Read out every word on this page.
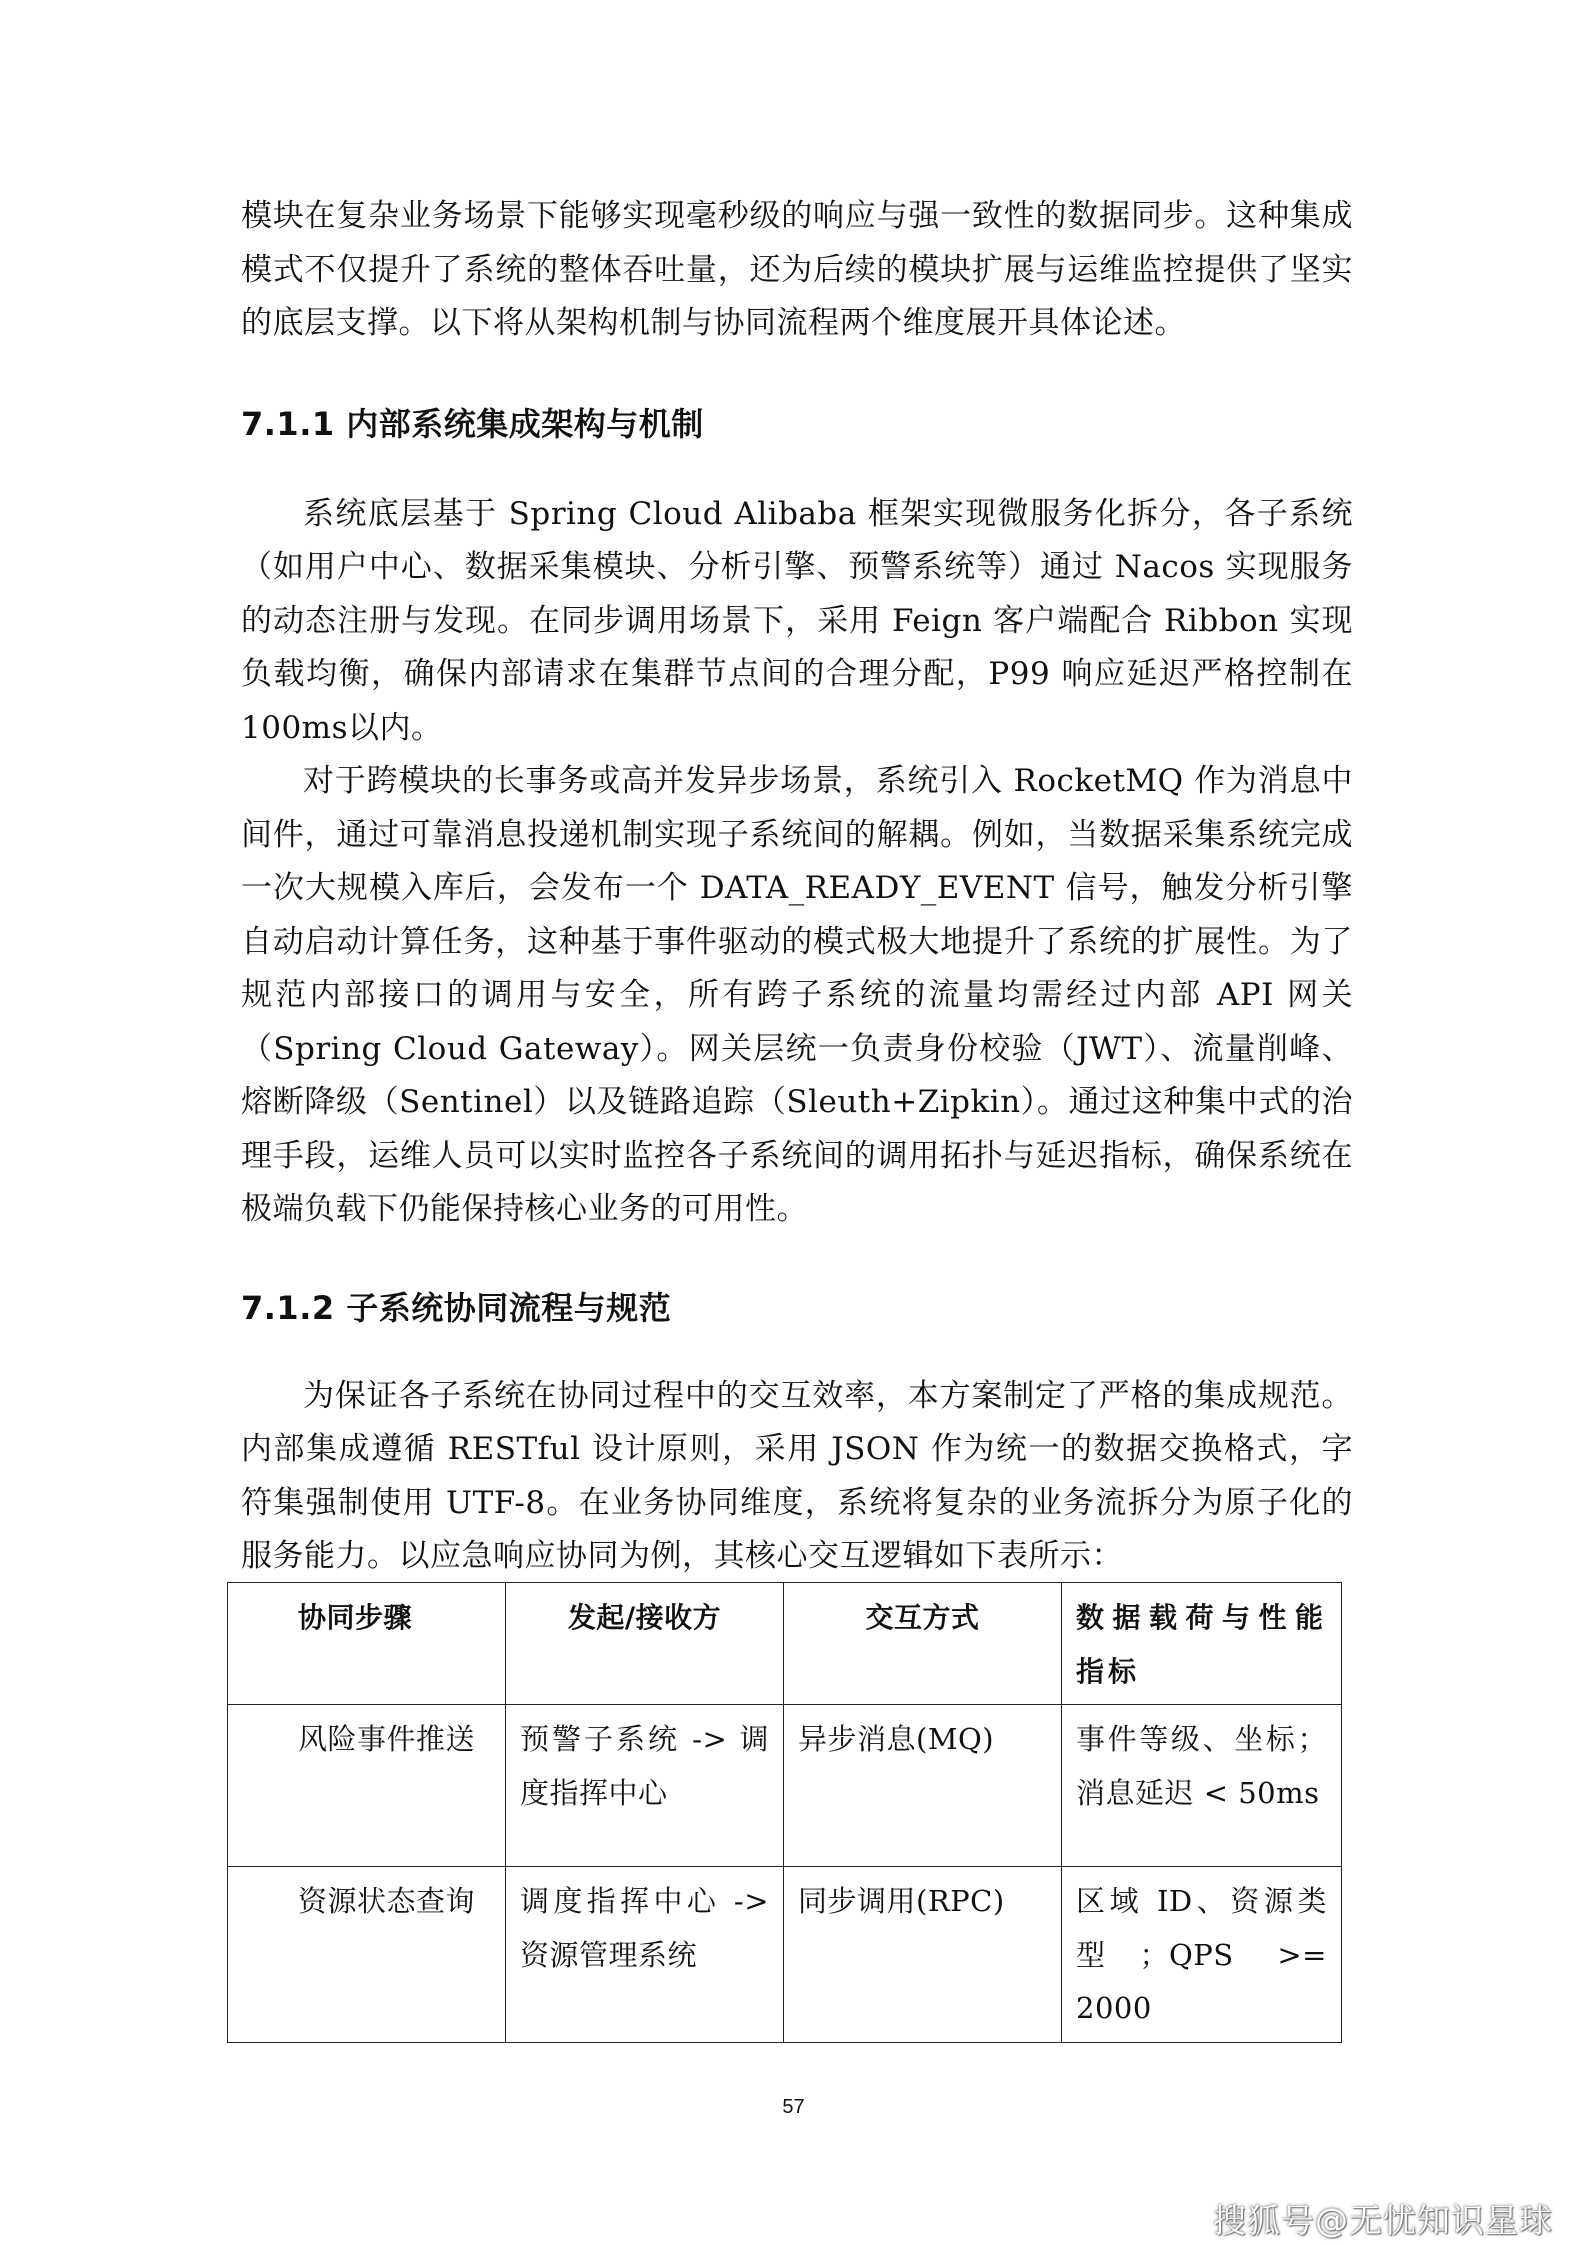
模块在复杂业务场景下能够实现毫秒级的响应与强一致性的数据同步。这种集成模式不仅提升了系统的整体吞吐量，还为后续的模块扩展与运维监控提供了坚实的底层支撑。以下将从架构机制与协同流程两个维度展开具体论述。

7.1.1 内部系统集成架构与机制

系统底层基于 Spring Cloud Alibaba 框架实现微服务化拆分，各子系统（如用户中心、数据采集模块、分析引擎、预警系统等）通过 Nacos 实现服务的动态注册与发现。在同步调用场景下，采用 Feign 客户端配合 Ribbon 实现负载均衡，确保内部请求在集群节点间的合理分配，P99 响应延迟严格控制在 100ms以内。

对于跨模块的长事务或高并发异步场景，系统引入 RocketMQ 作为消息中间件，通过可靠消息投递机制实现子系统间的解耦。例如，当数据采集系统完成一次大规模入库后，会发布一个 DATA_READY_EVENT 信号，触发分析引擎自动启动计算任务，这种基于事件驱动的模式极大地提升了系统的扩展性。为了规范内部接口的调用与安全，所有跨子系统的流量均需经过内部 API 网关（Spring Cloud Gateway）。网关层统一负责身份校验（JWT）、流量削峰、熔断降级（Sentinel）以及链路追踪（Sleuth+Zipkin）。通过这种集中式的治理手段，运维人员可以实时监控各子系统间的调用拓扑与延迟指标，确保系统在极端负载下仍能保持核心业务的可用性。

7.1.2 子系统协同流程与规范

为保证各子系统在协同过程中的交互效率，本方案制定了严格的集成规范。内部集成遵循 RESTful 设计原则，采用 JSON 作为统一的数据交换格式，字符集强制使用 UTF-8。在业务协同维度，系统将复杂的业务流拆分为原子化的服务能力。以应急响应协同为例，其核心交互逻辑如下表所示：

协同步骤	发起/接收方	交互方式	数据载荷与性能指标
风险事件推送	预警子系统 -> 调度指挥中心	异步消息(MQ)	事件等级、坐标；消息延迟 < 50ms
资源状态查询	调度指挥中心 -> 资源管理系统	同步调用(RPC)	区域 ID、资源类型；QPS >= 2000
57
搜狐号@无忧知识星球
